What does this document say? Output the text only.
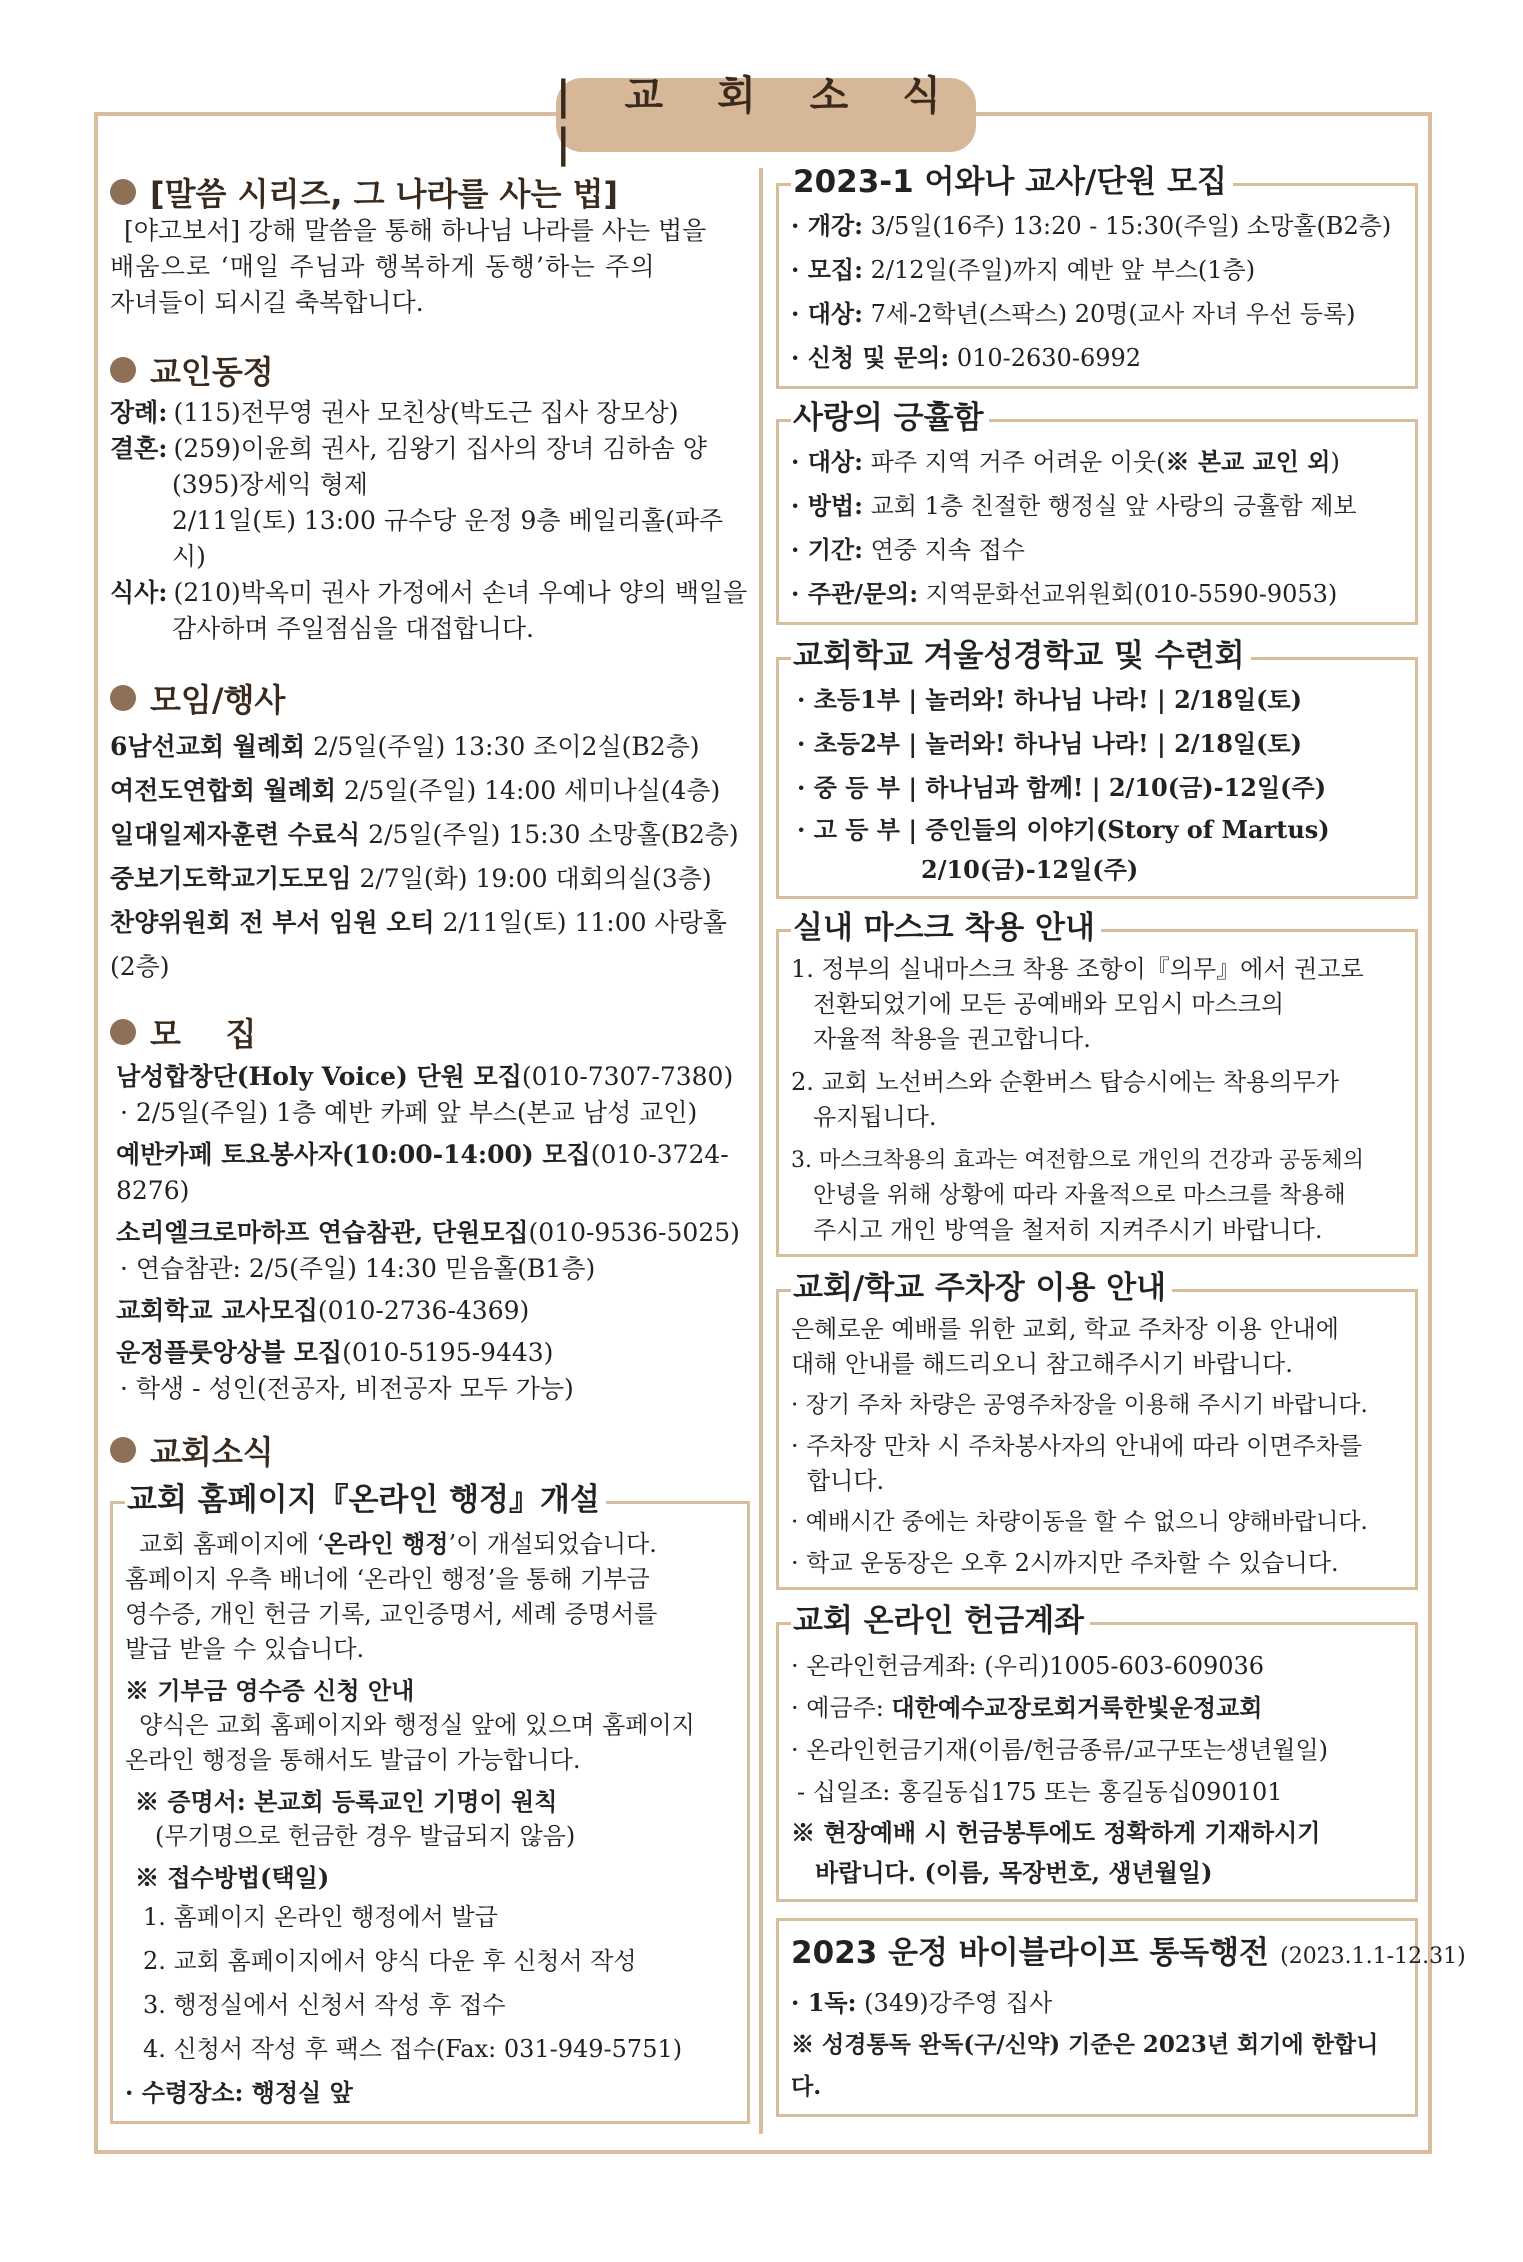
| 교 회 소 식 |
[말씀 시리즈, 그 나라를 사는 법]

[야고보서] 강해 말씀을 통해 하나님 나라를 사는 법을

배움으로 ‘매일 주님과 행복하게 동행’하는 주의

자녀들이 되시길 축복합니다.

교인동정
장례: (115)전무영 권사 모친상(박도근 집사 장모상)
결혼: (259)이윤희 권사, 김왕기 집사의 장녀 김하솜 양

(395)장세익 형제

2/11일(토) 13:00 규수당 운정 9층 베일리홀(파주시)

식사: (210)박옥미 권사 가정에서 손녀 우예나 양의 백일을

감사하며 주일점심을 대접합니다.

모임/행사

6남선교회 월례회 2/5일(주일) 13:30 조이2실(B2층)

여전도연합회 월례회 2/5일(주일) 14:00 세미나실(4층)

일대일제자훈련 수료식 2/5일(주일) 15:30 소망홀(B2층)

중보기도학교기도모임 2/7일(화) 19:00 대회의실(3층)

찬양위원회 전 부서 임원 오티 2/11일(토) 11:00 사랑홀(2층)

모    집

남성합창단(Holy Voice) 단원 모집(010-7307-7380)

· 2/5일(주일) 1층 예반 카페 앞 부스(본교 남성 교인)

예반카페 토요봉사자(10:00-14:00) 모집(010-3724-8276)

소리엘크로마하프 연습참관, 단원모집(010-9536-5025)

· 연습참관: 2/5(주일) 14:30 믿음홀(B1층)

교회학교 교사모집(010-2736-4369)

운정플룻앙상블 모집(010-5195-9443)

· 학생 - 성인(전공자, 비전공자 모두 가능)

교회소식
교회 홈페이지『온라인 행정』개설

교회 홈페이지에 ‘온라인 행정’이 개설되었습니다.

홈페이지 우측 배너에 ‘온라인 행정’을 통해 기부금

영수증, 개인 헌금 기록, 교인증명서, 세례 증명서를

발급 받을 수 있습니다.

※ 기부금 영수증 신청 안내

양식은 교회 홈페이지와 행정실 앞에 있으며 홈페이지

온라인 행정을 통해서도 발급이 가능합니다.

※ 증명서: 본교회 등록교인 기명이 원칙

(무기명으로 헌금한 경우 발급되지 않음)

※ 접수방법(택일)

1. 홈페이지 온라인 행정에서 발급

2. 교회 홈페이지에서 양식 다운 후 신청서 작성

3. 행정실에서 신청서 작성 후 접수

4. 신청서 작성 후 팩스 접수(Fax: 031-949-5751)

· 수령장소: 행정실 앞

2023-1 어와나 교사/단원 모집

· 개강: 3/5일(16주) 13:20 - 15:30(주일) 소망홀(B2층)

· 모집: 2/12일(주일)까지 예반 앞 부스(1층)

· 대상: 7세-2학년(스팍스) 20명(교사 자녀 우선 등록)

· 신청 및 문의: 010-2630-6992

사랑의 긍휼함

· 대상: 파주 지역 거주 어려운 이웃(※ 본교 교인 외)

· 방법: 교회 1층 친절한 행정실 앞 사랑의 긍휼함 제보

· 기간: 연중 지속 접수

· 주관/문의: 지역문화선교위원회(010-5590-9053)

교회학교 겨울성경학교 및 수련회

· 초등1부 | 놀러와! 하나님 나라! | 2/18일(토)

· 초등2부 | 놀러와! 하나님 나라! | 2/18일(토)

· 중 등 부 | 하나님과 함께! | 2/10(금)-12일(주)

· 고 등 부 | 증인들의 이야기(Story of Martus)

2/10(금)-12일(주)

실내 마스크 착용 안내

1. 정부의 실내마스크 착용 조항이『의무』에서 권고로

전환되었기에 모든 공예배와 모임시 마스크의

자율적 착용을 권고합니다.

2. 교회 노선버스와 순환버스 탑승시에는 착용의무가

유지됩니다.

3. 마스크착용의 효과는 여전함으로 개인의 건강과 공동체의

안녕을 위해 상황에 따라 자율적으로 마스크를 착용해

주시고 개인 방역을 철저히 지켜주시기 바랍니다.

교회/학교 주차장 이용 안내

은혜로운 예배를 위한 교회, 학교 주차장 이용 안내에

대해 안내를 해드리오니 참고해주시기 바랍니다.

· 장기 주차 차량은 공영주차장을 이용해 주시기 바랍니다.

· 주차장 만차 시 주차봉사자의 안내에 따라 이면주차를

합니다.

· 예배시간 중에는 차량이동을 할 수 없으니 양해바랍니다.

· 학교 운동장은 오후 2시까지만 주차할 수 있습니다.

교회 온라인 헌금계좌

· 온라인헌금계좌: (우리)1005-603-609036

· 예금주: 대한예수교장로회거룩한빛운정교회

· 온라인헌금기재(이름/헌금종류/교구또는생년월일)

- 십일조: 홍길동십175 또는 홍길동십090101

※ 현장예배 시 헌금봉투에도 정확하게 기재하시기

바랍니다. (이름, 목장번호, 생년월일)

2023 운정 바이블라이프 통독행전 (2023.1.1-12.31)

· 1독: (349)강주영 집사

※ 성경통독 완독(구/신약) 기준은 2023년 회기에 한합니다.
